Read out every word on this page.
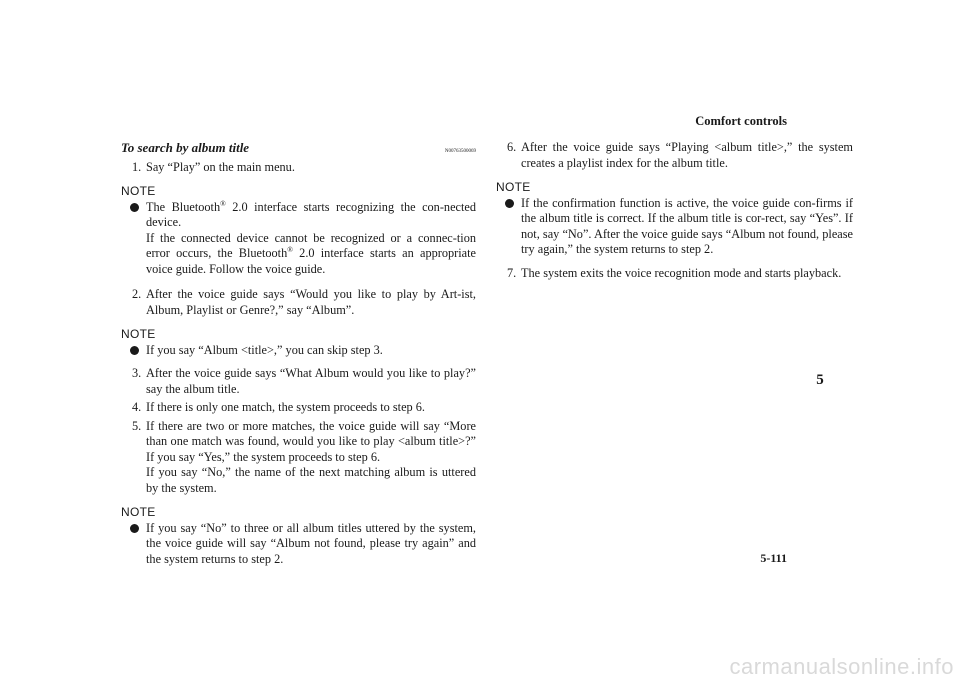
Comfort controls
To search by album title	N00763500069
1. Say “Play” on the main menu.
NOTE
The Bluetooth® 2.0 interface starts recognizing the con-nected device.
If the connected device cannot be recognized or a connec-tion error occurs, the Bluetooth® 2.0 interface starts an appropriate voice guide. Follow the voice guide.
2. After the voice guide says “Would you like to play by Art-ist, Album, Playlist or Genre?,” say “Album”.
NOTE
If you say “Album <title>,” you can skip step 3.
3. After the voice guide says “What Album would you like to play?” say the album title.
4. If there is only one match, the system proceeds to step 6.
5. If there are two or more matches, the voice guide will say “More than one match was found, would you like to play <album title>?” If you say “Yes,” the system proceeds to step 6.
If you say “No,” the name of the next matching album is uttered by the system.
NOTE
If you say “No” to three or all album titles uttered by the system, the voice guide will say “Album not found, please try again” and the system returns to step 2.
6. After the voice guide says “Playing <album title>,” the system creates a playlist index for the album title.
NOTE
If the confirmation function is active, the voice guide con-firms if the album title is correct. If the album title is cor-rect, say “Yes”. If not, say “No”. After the voice guide says “Album not found, please try again,” the system returns to step 2.
7. The system exits the voice recognition mode and starts playback.
5
5-111
carmanualsonline.info
